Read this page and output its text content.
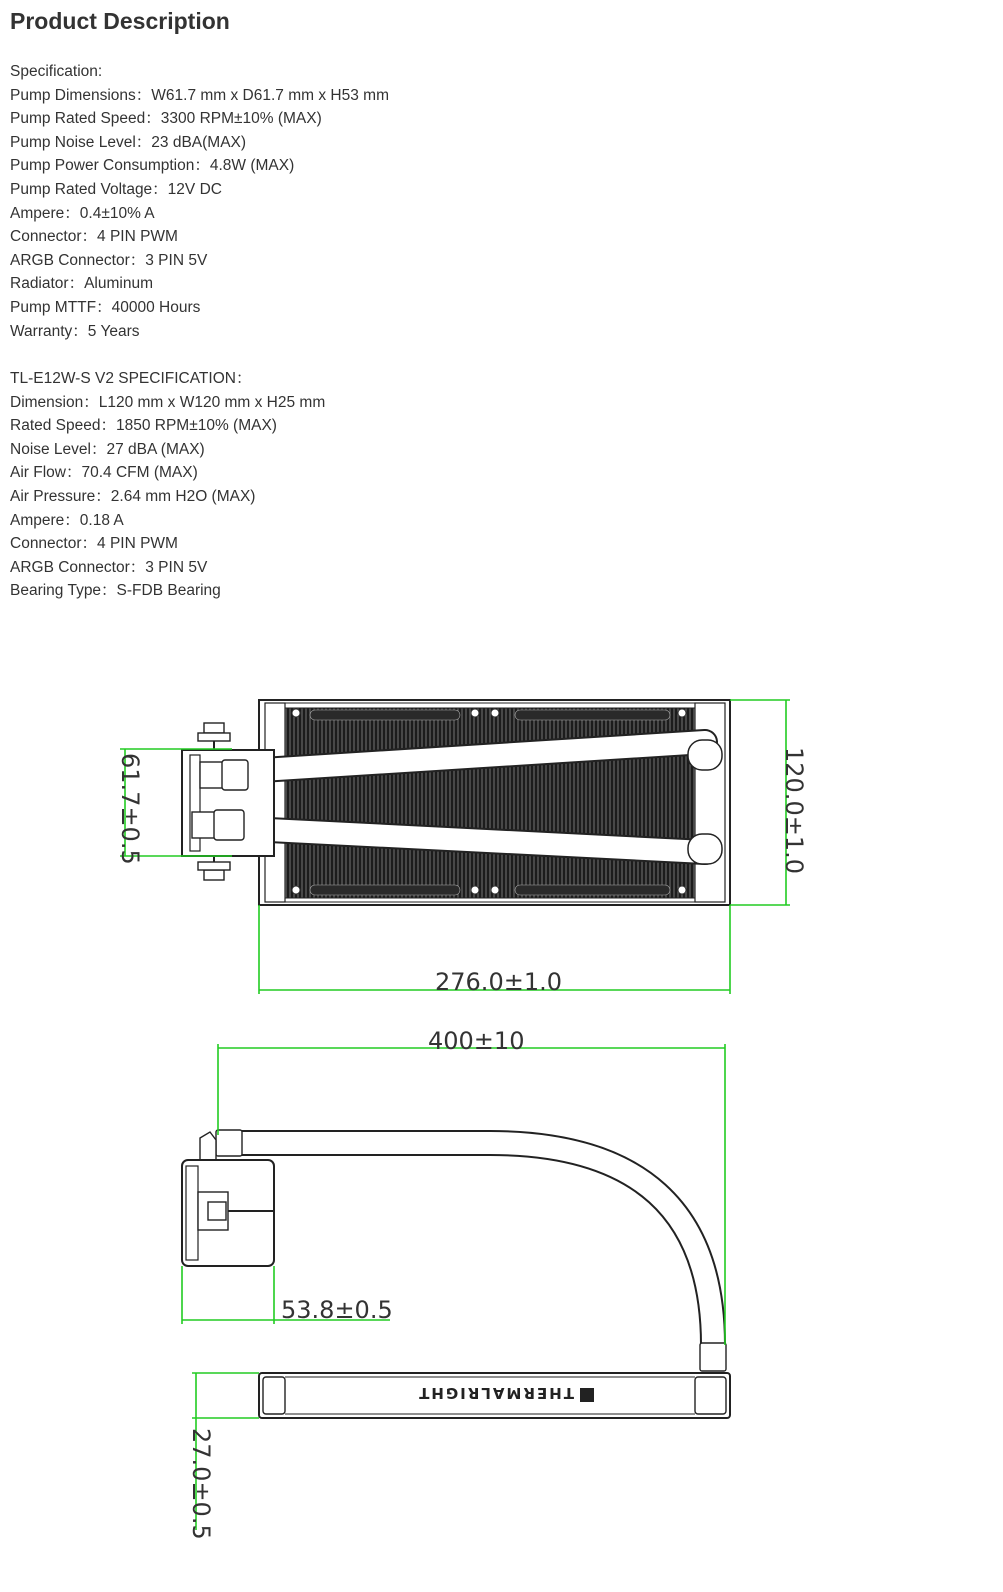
Product Description
Specification:
Pump Dimensions：W61.7 mm x D61.7 mm x H53 mm
Pump Rated Speed：3300 RPM±10% (MAX)
Pump Noise Level：23 dBA(MAX)
Pump Power Consumption：4.8W (MAX)
Pump Rated Voltage：12V DC
Ampere：0.4±10% A
Connector：4 PIN PWM
ARGB Connector：3 PIN 5V
Radiator：Aluminum
Pump MTTF：40000 Hours
Warranty：5 Years
TL-E12W-S V2 SPECIFICATION：
Dimension：L120 mm x W120 mm x H25 mm
Rated Speed：1850 RPM±10% (MAX)
Noise Level：27 dBA (MAX)
Air Flow：70.4 CFM (MAX)
Air Pressure：2.64 mm H2O (MAX)
Ampere：0.18 A
Connector：4 PIN PWM
ARGB Connector：3 PIN 5V
Bearing Type：S-FDB Bearing
61.7±0.5	120.0±1.0
276.0±1.0
THERMALRIGHT
400±10
53.8±0.5
27.0±0.5
